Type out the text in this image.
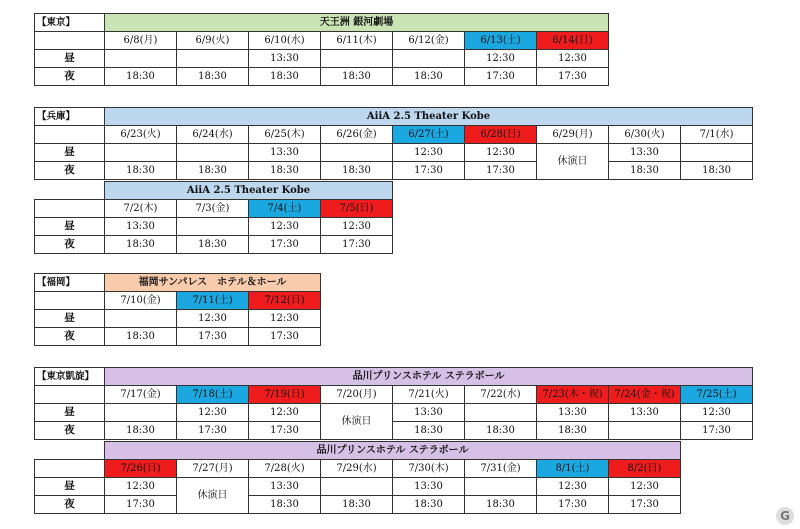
【東京】	天王洲 銀河劇場						
	6/8(月)	6/9(火)	6/10(水)	6/11(木)	6/12(金)	6/13(土)	6/14(日)
昼			13:30			12:30	12:30
夜	18:30	18:30	18:30	18:30	18:30	17:30	17:30
【兵庫】	AiiA 2.5 Theater Kobe								
	6/23(火)	6/24(水)	6/25(木)	6/26(金)	6/27(土)	6/28(日)	6/29(月)	6/30(火)	7/1(水)
昼			13:30		12:30	12:30	休演日	13:30	
夜	18:30	18:30	18:30	18:30	17:30	17:30		18:30	18:30
	AiiA 2.5 Theater Kobe			
	7/2(木)	7/3(金)	7/4(土)	7/5(日)
昼	13:30		12:30	12:30
夜	18:30	18:30	17:30	17:30
【福岡】	福岡サンパレス　ホテル＆ホール		
	7/10(金)	7/11(土)	7/12(日)
昼		12:30	12:30
夜	18:30	17:30	17:30
【東京凱旋】	品川プリンスホテル ステラボール								
	7/17(金)	7/18(土)	7/19(日)	7/20(月)	7/21(火)	7/22(水)	7/23(木・祝)	7/24(金・祝)	7/25(土)
昼		12:30	12:30	休演日	13:30		13:30	13:30	12:30
夜	18:30	17:30	17:30		18:30	18:30	18:30		17:30
	品川プリンスホテル ステラボール							
	7/26(日)	7/27(月)	7/28(火)	7/29(水)	7/30(木)	7/31(金)	8/1(土)	8/2(日)
昼	12:30	休演日	13:30		13:30		12:30	12:30
夜	17:30		18:30	18:30	18:30	18:30	17:30	17:30
G
